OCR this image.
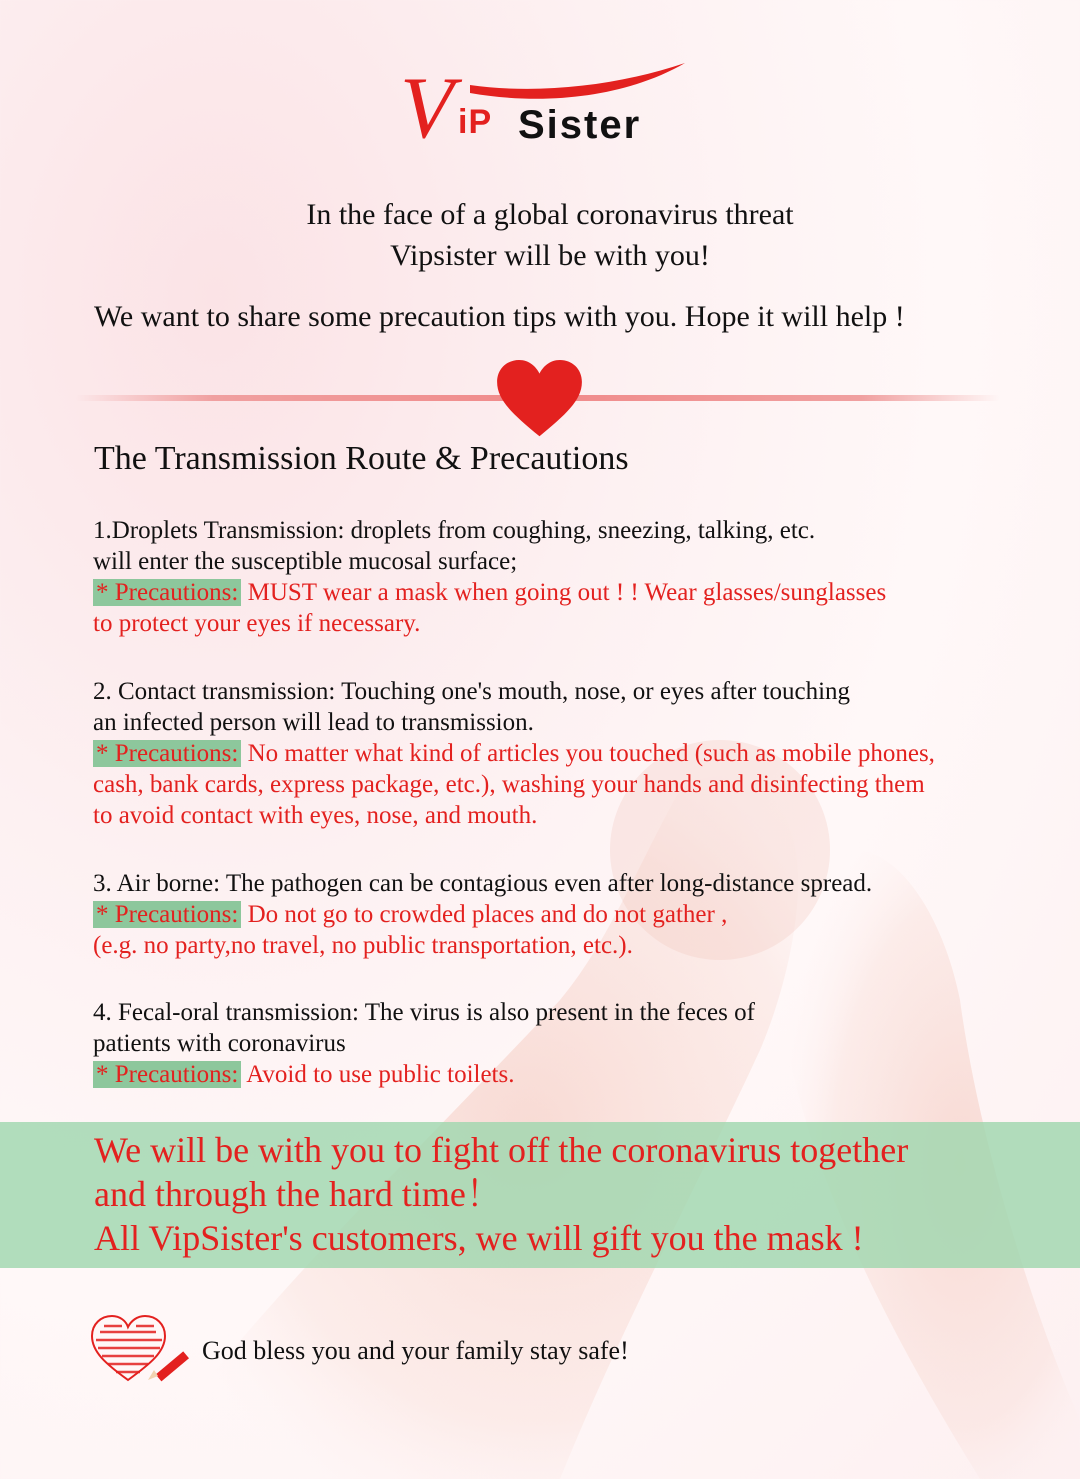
V iP Sister
In the face of a global coronavirus threat
Vipsister will be with you!
We want to share some precaution tips with you. Hope it will help !
The Transmission Route & Precautions

1.Droplets Transmission: droplets from coughing, sneezing, talking, etc.

will enter the susceptible mucosal surface;

* Precautions: MUST wear a mask when going out ! ! Wear glasses/sunglasses

to protect your eyes if necessary.

2. Contact transmission: Touching one's mouth, nose, or eyes after touching

an infected person will lead to transmission.

* Precautions: No matter what kind of articles you touched (such as mobile phones,

cash, bank cards, express package, etc.), washing your hands and disinfecting them

to avoid contact with eyes, nose, and mouth.

3. Air borne: The pathogen can be contagious even after long-distance spread.

* Precautions: Do not go to crowded places and do not gather ,

(e.g. no party,no travel, no public transportation, etc.).

4. Fecal-oral transmission: The virus is also present in the feces of

patients with coronavirus

* Precautions: Avoid to use public toilets.

We will be with you to fight off the coronavirus together
and through the hard time！
All VipSister's customers, we will gift you the mask !
God bless you and your family stay safe!
